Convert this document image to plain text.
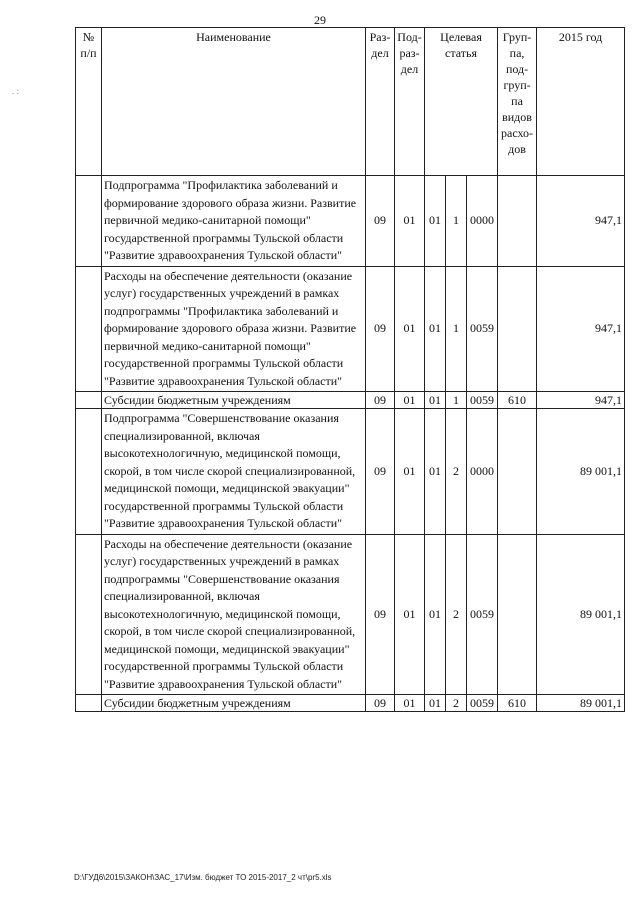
29
. :
№ п/п	Наименование	Раз-дел	Под-раз-дел	Целевая статья			Груп-па, под-груп-па видов расхо-дов	2015 год
	Подпрограмма "Профилактика заболеваний и формирование здорового образа жизни. Развитие первичной медико-санитарной помощи" государственной программы Тульской области "Развитие здравоохранения Тульской области"	09	01	01	1	0000		947,1
	Расходы на обеспечение деятельности (оказание услуг) государственных учреждений в рамках подпрограммы "Профилактика заболеваний и формирование здорового образа жизни. Развитие первичной медико-санитарной помощи" государственной программы Тульской области "Развитие здравоохранения Тульской области"	09	01	01	1	0059		947,1
	Субсидии бюджетным учреждениям	09	01	01	1	0059	610	947,1
	Подпрограмма "Совершенствование оказания специализированной, включая высокотехнологичную, медицинской помощи, скорой, в том числе скорой специализированной, медицинской помощи, медицинской эвакуации" государственной программы Тульской области "Развитие здравоохранения Тульской области"	09	01	01	2	0000		89 001,1
	Расходы на обеспечение деятельности (оказание услуг) государственных учреждений в рамках подпрограммы "Совершенствование оказания специализированной, включая высокотехнологичную, медицинской помощи, скорой, в том числе скорой специализированной, медицинской помощи, медицинской эвакуации" государственной программы Тульской области "Развитие здравоохранения Тульской области"	09	01	01	2	0059		89 001,1
	Субсидии бюджетным учреждениям	09	01	01	2	0059	610	89 001,1
D:\ГУД6\2015\ЗАКОН\ЗАС_17\Изм. бюджет ТО 2015-2017_2 чт\pr5.xls
